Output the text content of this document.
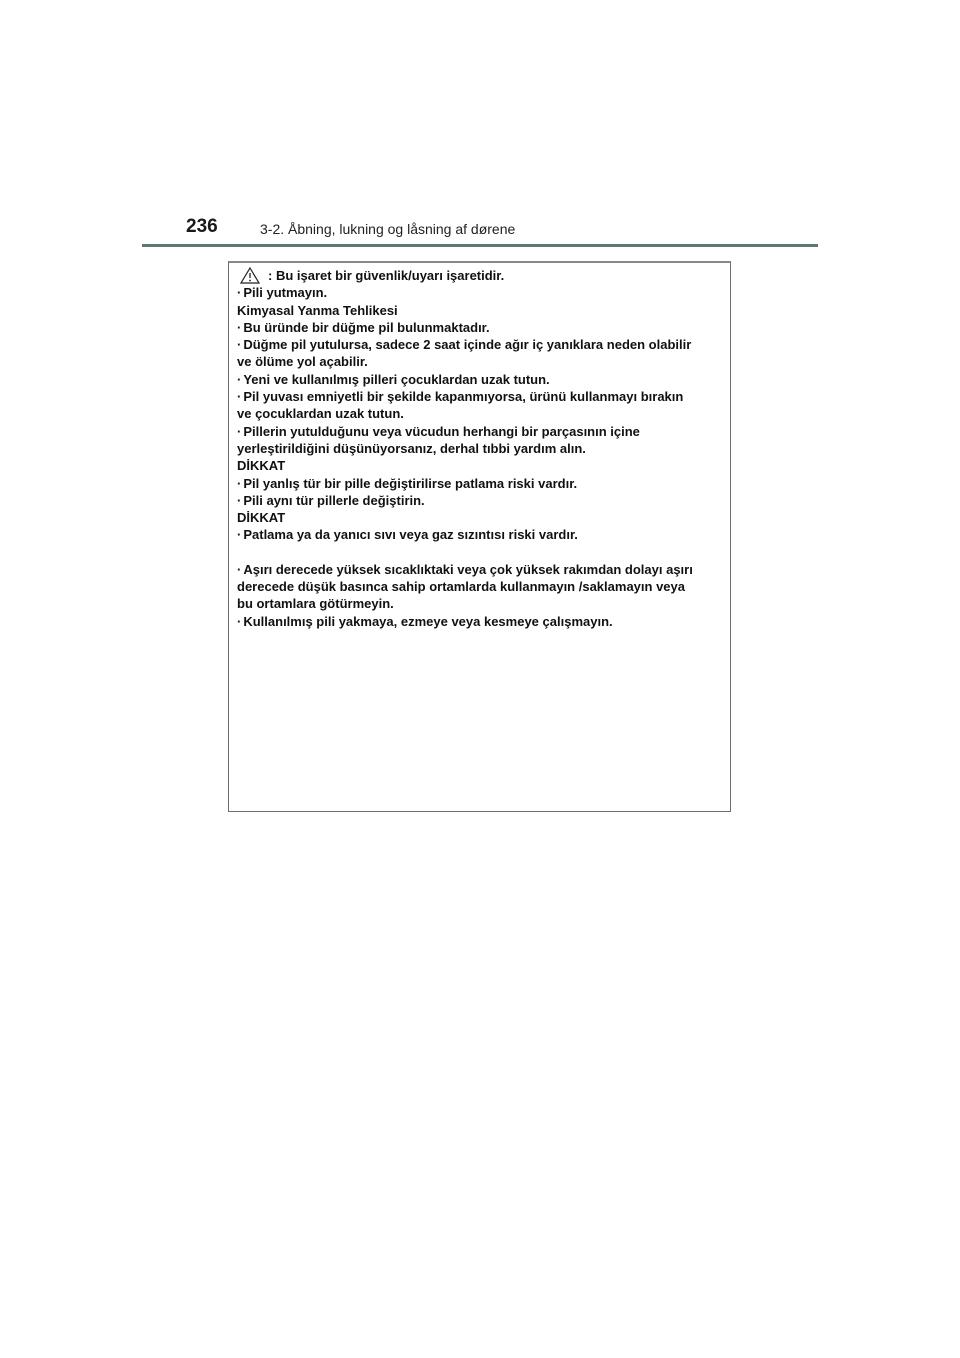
236	3-2. Åbning, lukning og låsning af dørene
: Bu işaret bir güvenlik/uyarı işaretidir.
· Pili yutmayın.
Kimyasal Yanma Tehlikesi
· Bu üründe bir düğme pil bulunmaktadır.
· Düğme pil yutulursa, sadece 2 saat içinde ağır iç yanıklara neden olabilir
ve ölüme yol açabilir.
· Yeni ve kullanılmış pilleri çocuklardan uzak tutun.
· Pil yuvası emniyetli bir şekilde kapanmıyorsa, ürünü kullanmayı bırakın
ve çocuklardan uzak tutun.
· Pillerin yutulduğunu veya vücudun herhangi bir parçasının içine
yerleştirildiğini düşünüyorsanız, derhal tıbbi yardım alın.
DİKKAT
· Pil yanlış tür bir pille değiştirilirse patlama riski vardır.
· Pili aynı tür pillerle değiştirin.
DİKKAT
· Patlama ya da yanıcı sıvı veya gaz sızıntısı riski vardır.
· Aşırı derecede yüksek sıcaklıktaki veya çok yüksek rakımdan dolayı aşırı
derecede düşük basınca sahip ortamlarda kullanmayın /saklamayın veya
bu ortamlara götürmeyin.
· Kullanılmış pili yakmaya, ezmeye veya kesmeye çalışmayın.
